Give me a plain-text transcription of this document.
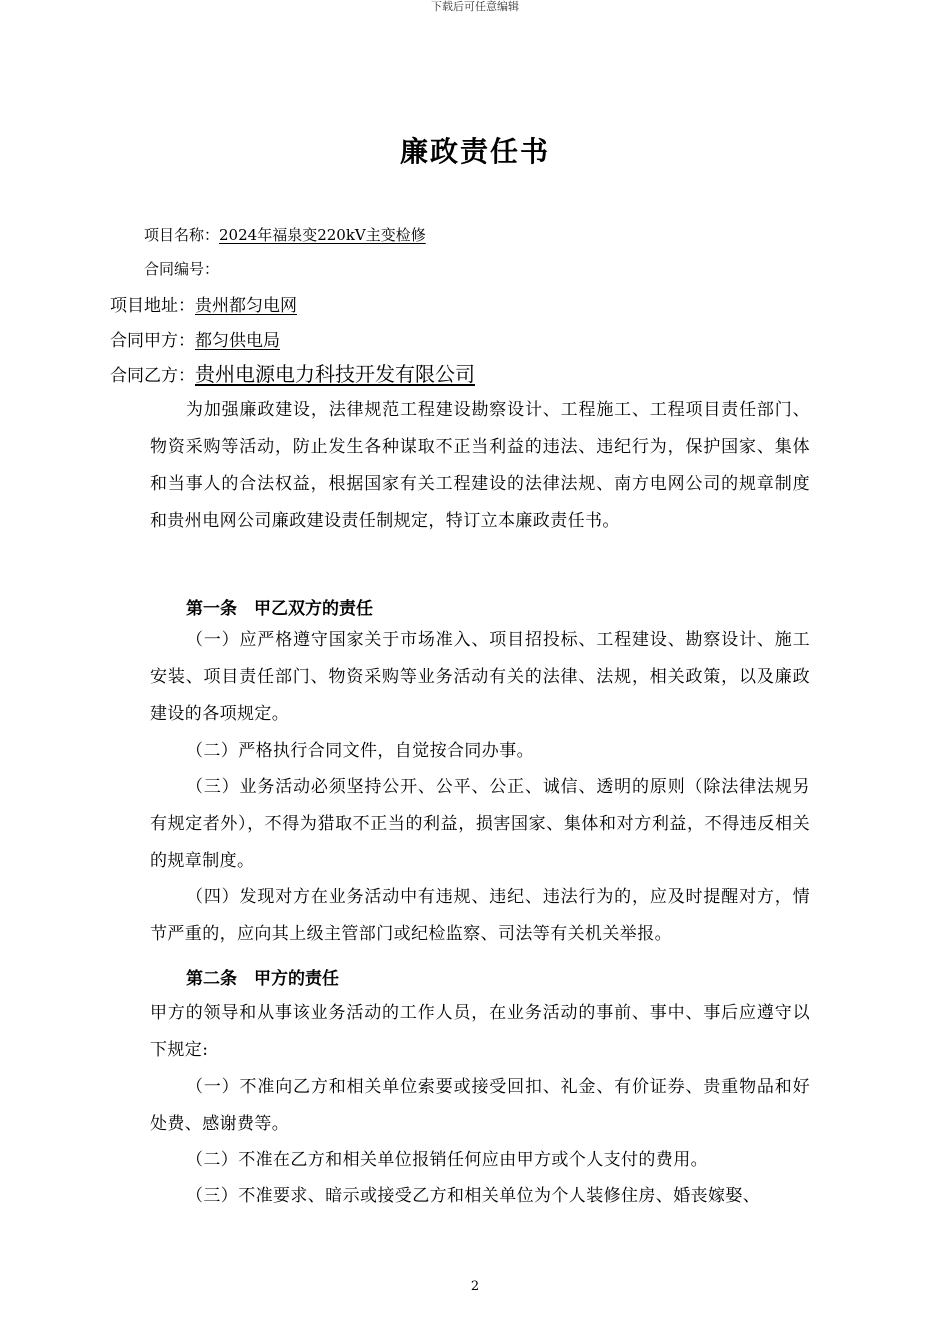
下载后可任意编辑
廉政责任书
项目名称：2024年福泉变220kV主变检修
合同编号：
项目地址：贵州都匀电网
合同甲方：都匀供电局
合同乙方：贵州电源电力科技开发有限公司
为加强廉政建设，法律规范工程建设勘察设计、工程施工、工程项目责任部门、物资采购等活动，防止发生各种谋取不正当利益的违法、违纪行为，保护国家、集体和当事人的合法权益，根据国家有关工程建设的法律法规、南方电网公司的规章制度和贵州电网公司廉政建设责任制规定，特订立本廉政责任书。
第一条　甲乙双方的责任
（一）应严格遵守国家关于市场准入、项目招投标、工程建设、勘察设计、施工安装、项目责任部门、物资采购等业务活动有关的法律、法规，相关政策，以及廉政建设的各项规定。
（二）严格执行合同文件，自觉按合同办事。
（三）业务活动必须坚持公开、公平、公正、诚信、透明的原则（除法律法规另有规定者外），不得为猎取不正当的利益，损害国家、集体和对方利益，不得违反相关的规章制度。
（四）发现对方在业务活动中有违规、违纪、违法行为的，应及时提醒对方，情节严重的，应向其上级主管部门或纪检监察、司法等有关机关举报。
第二条　甲方的责任
甲方的领导和从事该业务活动的工作人员，在业务活动的事前、事中、事后应遵守以下规定:
（一）不准向乙方和相关单位索要或接受回扣、礼金、有价证券、贵重物品和好处费、感谢费等。
（二）不准在乙方和相关单位报销任何应由甲方或个人支付的费用。
（三）不准要求、暗示或接受乙方和相关单位为个人装修住房、婚丧嫁娶、
2
